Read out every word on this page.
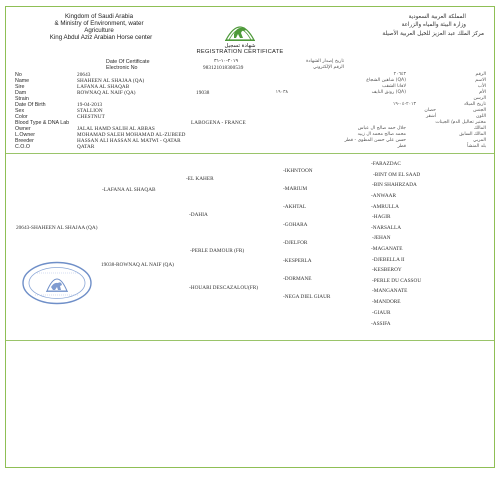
Kingdom of Saudi Arabia
& Ministry of Environment, water
Agriculture
King Abdul Aziz Arabian Horse center
شهادة تسجيل
REGISTRATION CERTIFICATE
المملكة العربية السعودية
وزارة البيئة والمياه والزراعة
مركز الملك عبد العزيز للخيل العربية الأصيلة
Date Of Certificate	٢٠١٩-١٠-٣١	تاريخ إصدار الشهادة
Electronic No	983121018300539	الرقم الإلكتروني
No	20643	٢٠٦٤٣	الرقم
Name	SHAHEEN AL SHAJAA (QA)	(QA) شاهين الشجاع	الاسم
Sire	LAFANA AL SHAQAB	لافانا الشقب	الأب
Dam	ROWNAQ AL NAIF (QA)	19038	١٩٠٣٨	(QA) رونق النايف	الأم
Strain	الرسن
Date Of Birth	19-04-2013	٢٠١٣-٠٤-١٩	تاريخ الميلاد
Sex	STALLION	حصان	الجنس
Color	CHESTNUT	أشقر	اللون
Blood Type & DNA Lab	LABOGENA - FRANCE	مختبر تحاليل الدم/ الجينات
Owner	JALAL HAMD SALIH AL ABBAS	جلال حمد صالح ال عباس	المالك
L.Owner	MOHAMAD SALEH MOHAMAD AL-ZUBEED	محمد صالح محمد ال زبيد	المالك السابق
Breeder	HASSAN ALI HASSAN AL MATWI - QATAR	حسن علي حسن المطوي - قطر	المربي
C.O.O	QATAR	قطر	بلد المنشأ
20643-SHAHEEN AL SHAJAA (QA)
-LAFANA AL SHAQAB
19038-ROWNAQ AL NAIF (QA)
-EL KAHER
-DAHIA
-PERLE DAMOUR (FR)
-HOUARI DESCAZALOU(FR)
-IKHNTOON
-MARIUM
-AKHTAL
-GOHARA
-DJELFOR
-KESPERLA
-DORMANE
-NEGA DIEL GIAUR
-FARAZDAC
-BINT OM EL SAAD
-BIN SHAHRZADA
-ANWAAR
-AMRULLA
-HAGIR
-NARSALLA
-JEHAN
-MAGANATE
-DJEBELLA II
-KESBEROY
-PERLE DU CASSOU
-MANGANATE
-MANDORE
-GIAUR
-ASSIFA
